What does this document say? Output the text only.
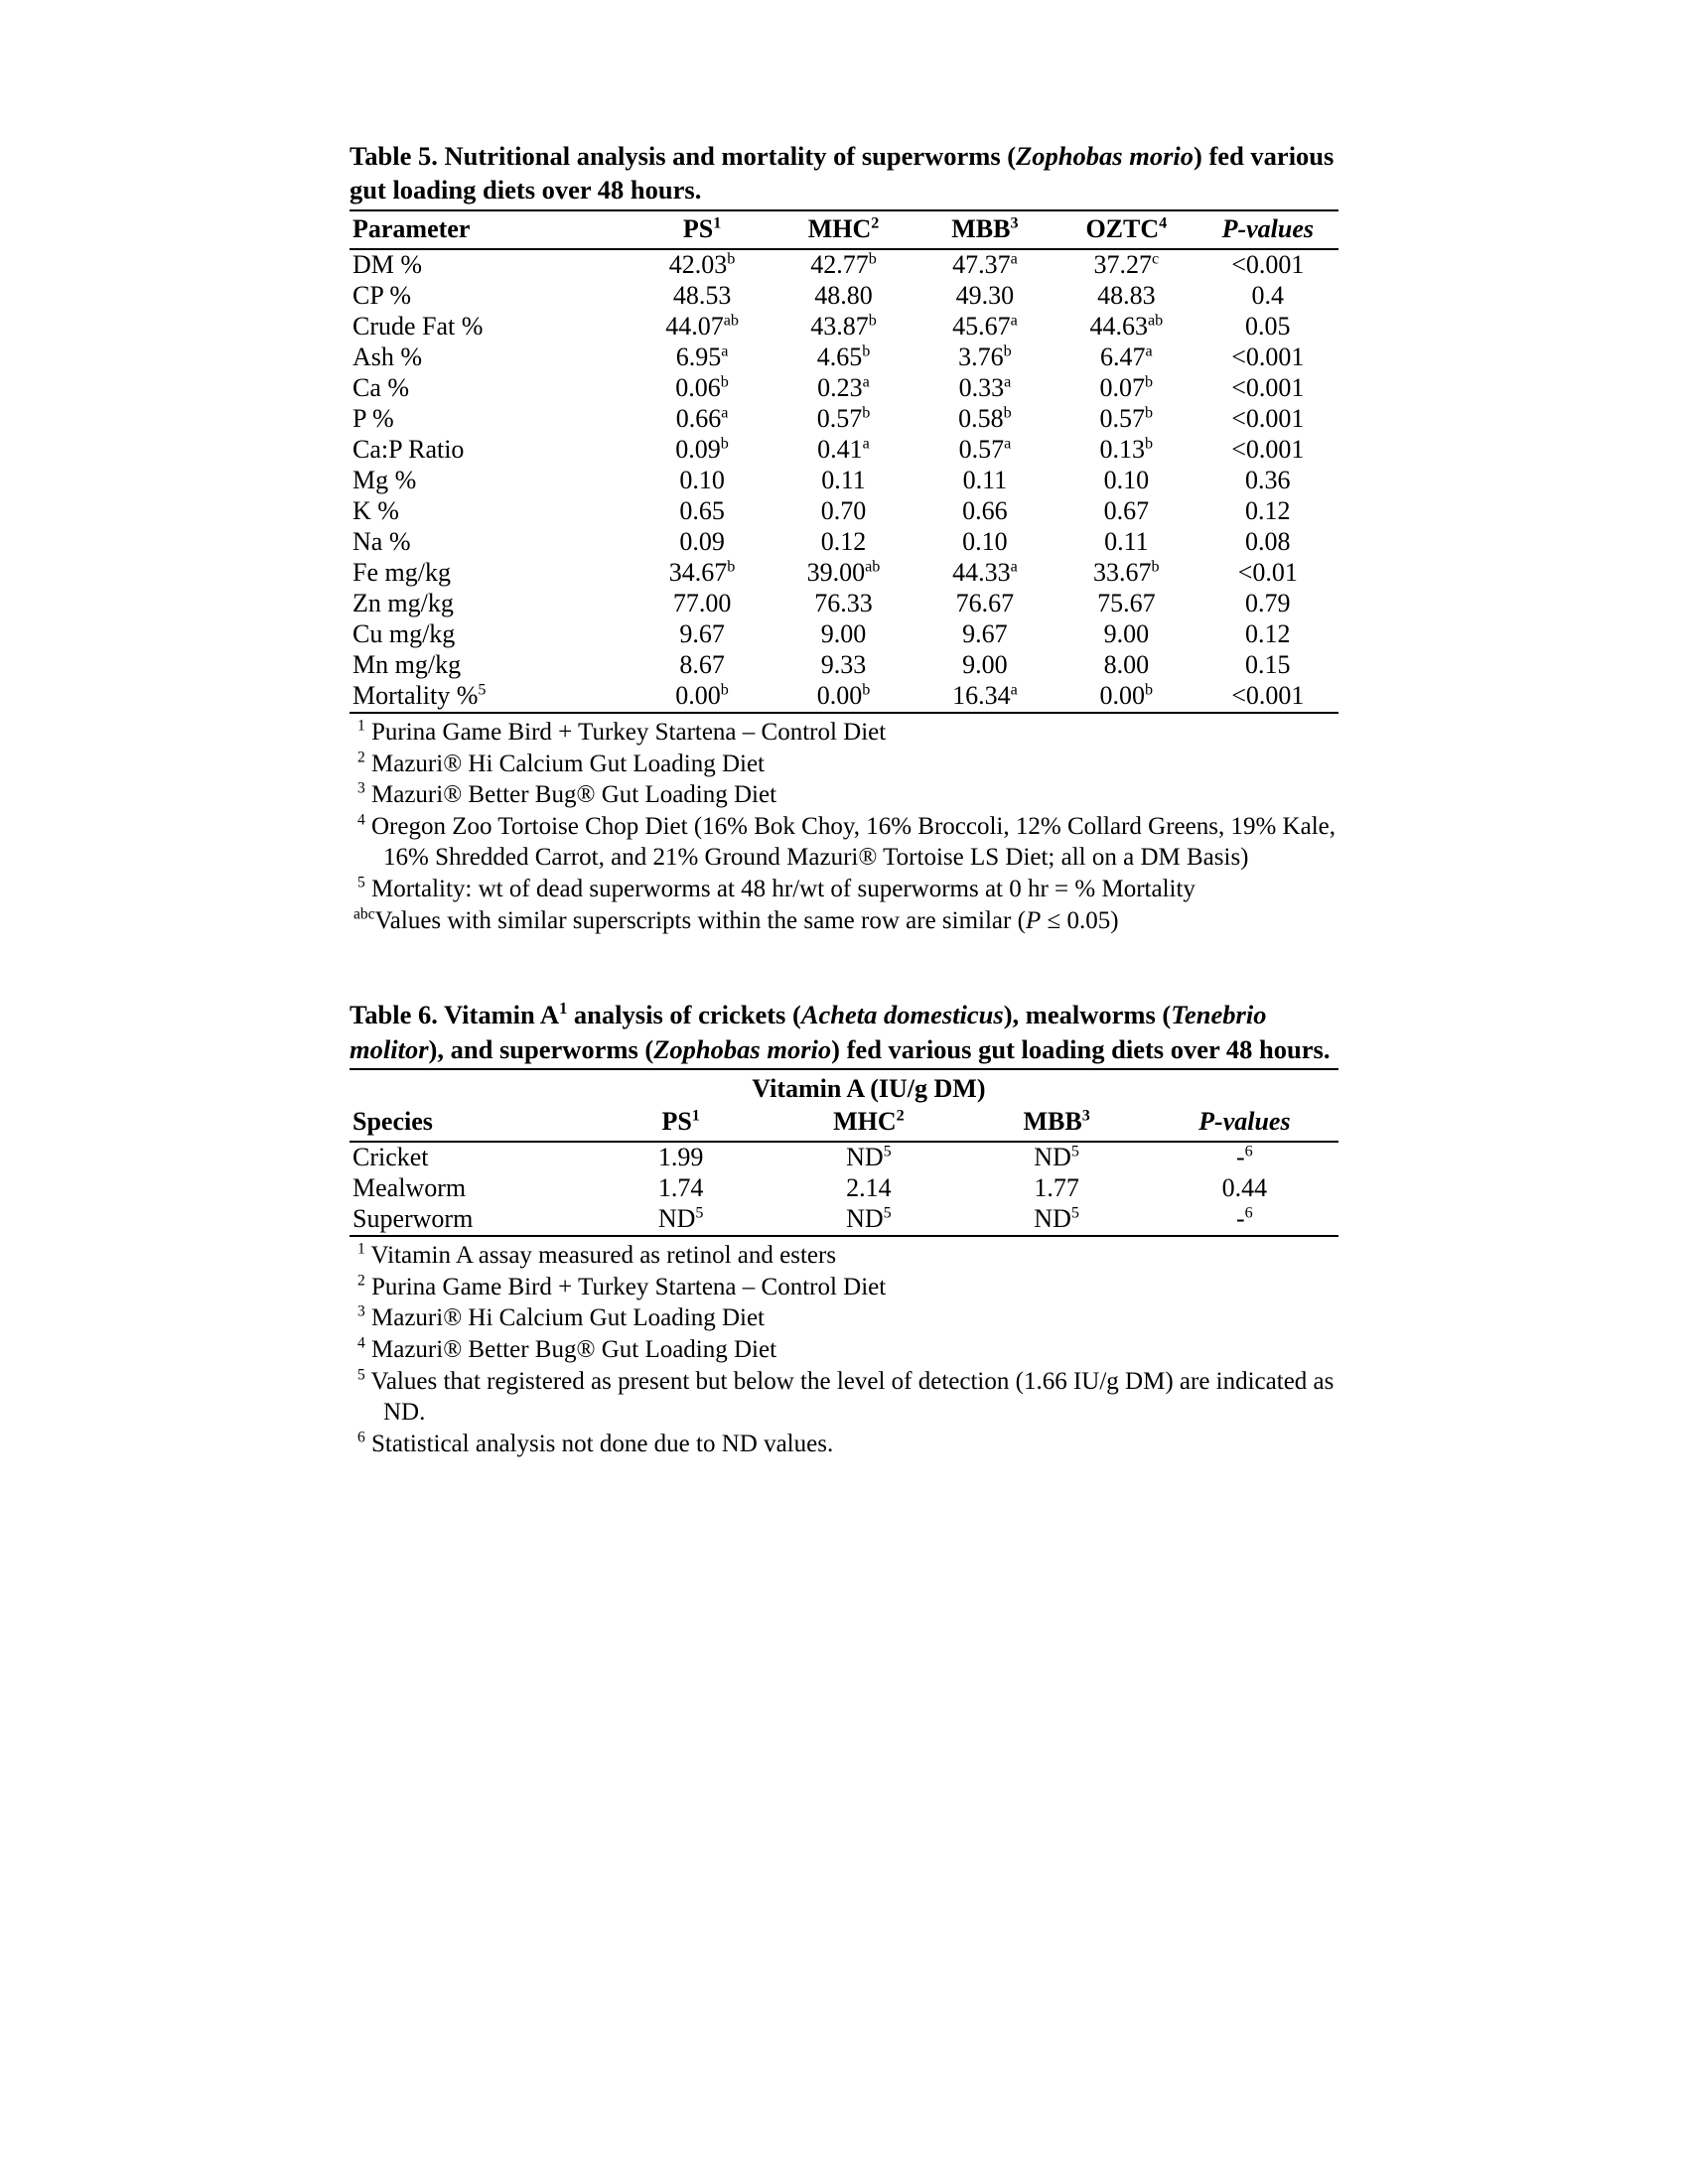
Table 5. Nutritional analysis and mortality of superworms (Zophobas morio) fed various gut loading diets over 48 hours.
Parameter	$PS^1$	MHC$^2$	MBB$^3$	OZTC$^4$	P-values
DM %	42.03$^b$	42.77$^b$	47.37$^a$	37.27$^c$	<0.001
CP %	48.53	48.80	49.30	48.83	0.4
Crude Fat %	44.07$^{ab}$	43.87$^b$	45.67$^a$	44.63$^{ab}$	0.05
Ash %	6.95$^a$	4.65$^b$	3.76$^b$	6.47$^a$	<0.001
Ca %	0.06$^b$	0.23$^a$	0.33$^a$	0.07$^b$	<0.001
P %	0.66$^a$	0.57$^b$	0.58$^b$	0.57$^b$	<0.001
Ca:P Ratio	0.09$^b$	0.41$^a$	0.57$^a$	0.13$^b$	<0.001
Mg %	0.10	0.11	0.11	0.10	0.36
K %	0.65	0.70	0.66	0.67	0.12
Na %	0.09	0.12	0.10	0.11	0.08
Fe mg/kg	34.67$^b$	39.00$^{ab}$	44.33$^a$	33.67$^b$	<0.01
Zn mg/kg	77.00	76.33	76.67	75.67	0.79
Cu mg/kg	9.67	9.00	9.67	9.00	0.12
Mn mg/kg	8.67	9.33	9.00	8.00	0.15
Mortality %$^5$	0.00$^b$	0.00$^b$	16.34$^a$	0.00$^b$	<0.001

$^1$ Purina Game Bird + Turkey Startena – Control Diet

$^2$ Mazuri® Hi Calcium Gut Loading Diet

$^3$ Mazuri® Better Bug® Gut Loading Diet

$^4$ Oregon Zoo Tortoise Chop Diet (16% Bok Choy, 16% Broccoli, 12% Collard Greens, 19% Kale, 16% Shredded Carrot, and 21% Ground Mazuri® Tortoise LS Diet; all on a DM Basis)

$^5$ Mortality: wt of dead superworms at 48 hr/wt of superworms at 0 hr = % Mortality

$^{abc}$Values with similar superscripts within the same row are similar (P ≤ 0.05)

Table 6. Vitamin $A^1$ analysis of crickets (Acheta domesticus), mealworms (Tenebrio molitor), and superworms (Zophobas morio) fed various gut loading diets over 48 hours.
	Vitamin A (IU/g DM)			
Species	$PS^1$	MHC$^2$	MBB$^3$	P-values
Cricket	1.99	$ND^5$	$ND^5$	-$^6$
Mealworm	1.74	2.14	1.77	0.44
Superworm	$ND^5$	$ND^5$	$ND^5$	-$^6$

$^1$ Vitamin A assay measured as retinol and esters

$^2$ Purina Game Bird + Turkey Startena – Control Diet

$^3$ Mazuri® Hi Calcium Gut Loading Diet

$^4$ Mazuri® Better Bug® Gut Loading Diet

$^5$ Values that registered as present but below the level of detection (1.66 IU/g DM) are indicated as ND.

$^6$ Statistical analysis not done due to ND values.
